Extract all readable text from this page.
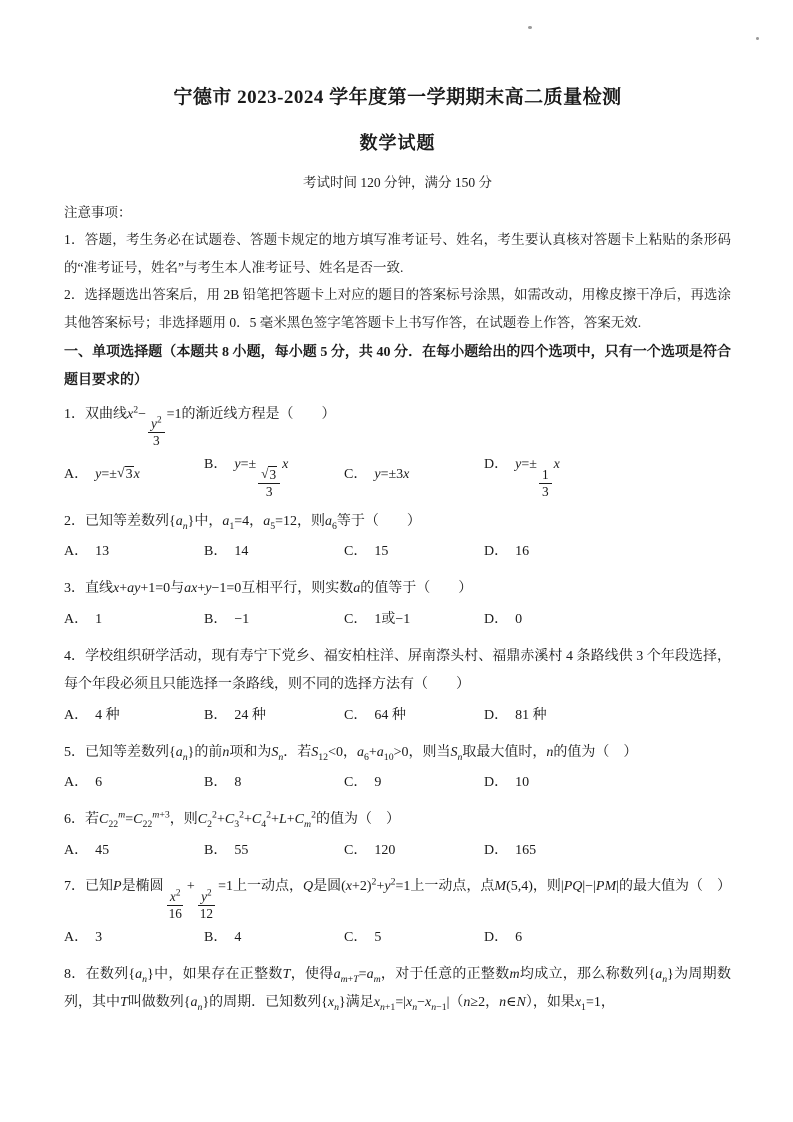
宁德市 2023-2024 学年度第一学期期末高二质量检测
数学试题
考试时间 120 分钟，满分 150 分
注意事项：

1．答题，考生务必在试题卷、答题卡规定的地方填写准考证号、姓名，考生要认真核对答题卡上粘贴的条形码的“准考证号，姓名”与考生本人准考证号、姓名是否一致.

2．选择题选出答案后，用 2B 铅笔把答题卡上对应的题目的答案标号涂黑，如需改动，用橡皮擦干净后，再选涂其他答案标号；非选择题用 0．5 毫米黑色签字笔答题卡上书写作答，在试题卷上作答，答案无效.

一、单项选择题（本题共 8 小题，每小题 5 分，共 40 分．在每小题给出的四个选项中，只有一个选项是符合题目要求的）
1．双曲线$x^2-$
$\frac{y^2}{3}$
=1的渐近线方程是（　　）
A． y=±√3x
B． y=±
$\frac{√3}{3}$
x
C． y=±3x
D． y=±
$\frac{1}{3}$
x
2．已知等差数列$\{a_n\}$中，$a_1=4$，$a_5=12$，则$a_6$等于（　　）
A． 13	B． 14	C． 15	D． 16
3．直线x+ay+1=0与ax+y−1=0互相平行，则实数a的值等于（　　）
A． 1	B． −1	C． 1或−1	D． 0
4．学校组织研学活动，现有寿宁下党乡、福安柏柱洋、屏南漈头村、福鼎赤溪村 4 条路线供 3 个年段选择，每个年段必须且只能选择一条路线，则不同的选择方法有（　　）
A． 4 种	B． 24 种	C． 64 种	D． 81 种
5．已知等差数列$\{a_n\}$的前n项和为$S_n$．若$S_{12}<0$，$a_6+a_{10}>0$，则当$S_n$取最大值时，n的值为（　）
A． 6	B． 8	C． 9	D． 10
6．若$C_{22}^m=C_{22}^{m+3}$，则$C_2^2+C_3^2+C_4^2+L+C_m^2$的值为（　）
A． 45	B． 55	C． 120	D． 165
7．已知P是椭圆
$\frac{x^2}{16}$
+
$\frac{y^2}{12}$
=1上一动点，Q是圆$(x+2)^2+y^2=1$上一动点，点M(5,4)，则|PQ|−|PM|的最大值为（　）
A． 3	B． 4	C． 5	D． 6
8．在数列$\{a_n\}$中，如果存在正整数T，使得$a_{m+T}=a_m$，对于任意的正整数m均成立，那么称数列$\{a_n\}$为周期数列，其中T叫做数列$\{a_n\}$的周期．已知数列$\{x_n\}$满足$x_{n+1}=|x_n-x_{n-1}|(n\ge 2$，n∈N），如果$x_1=1$，
